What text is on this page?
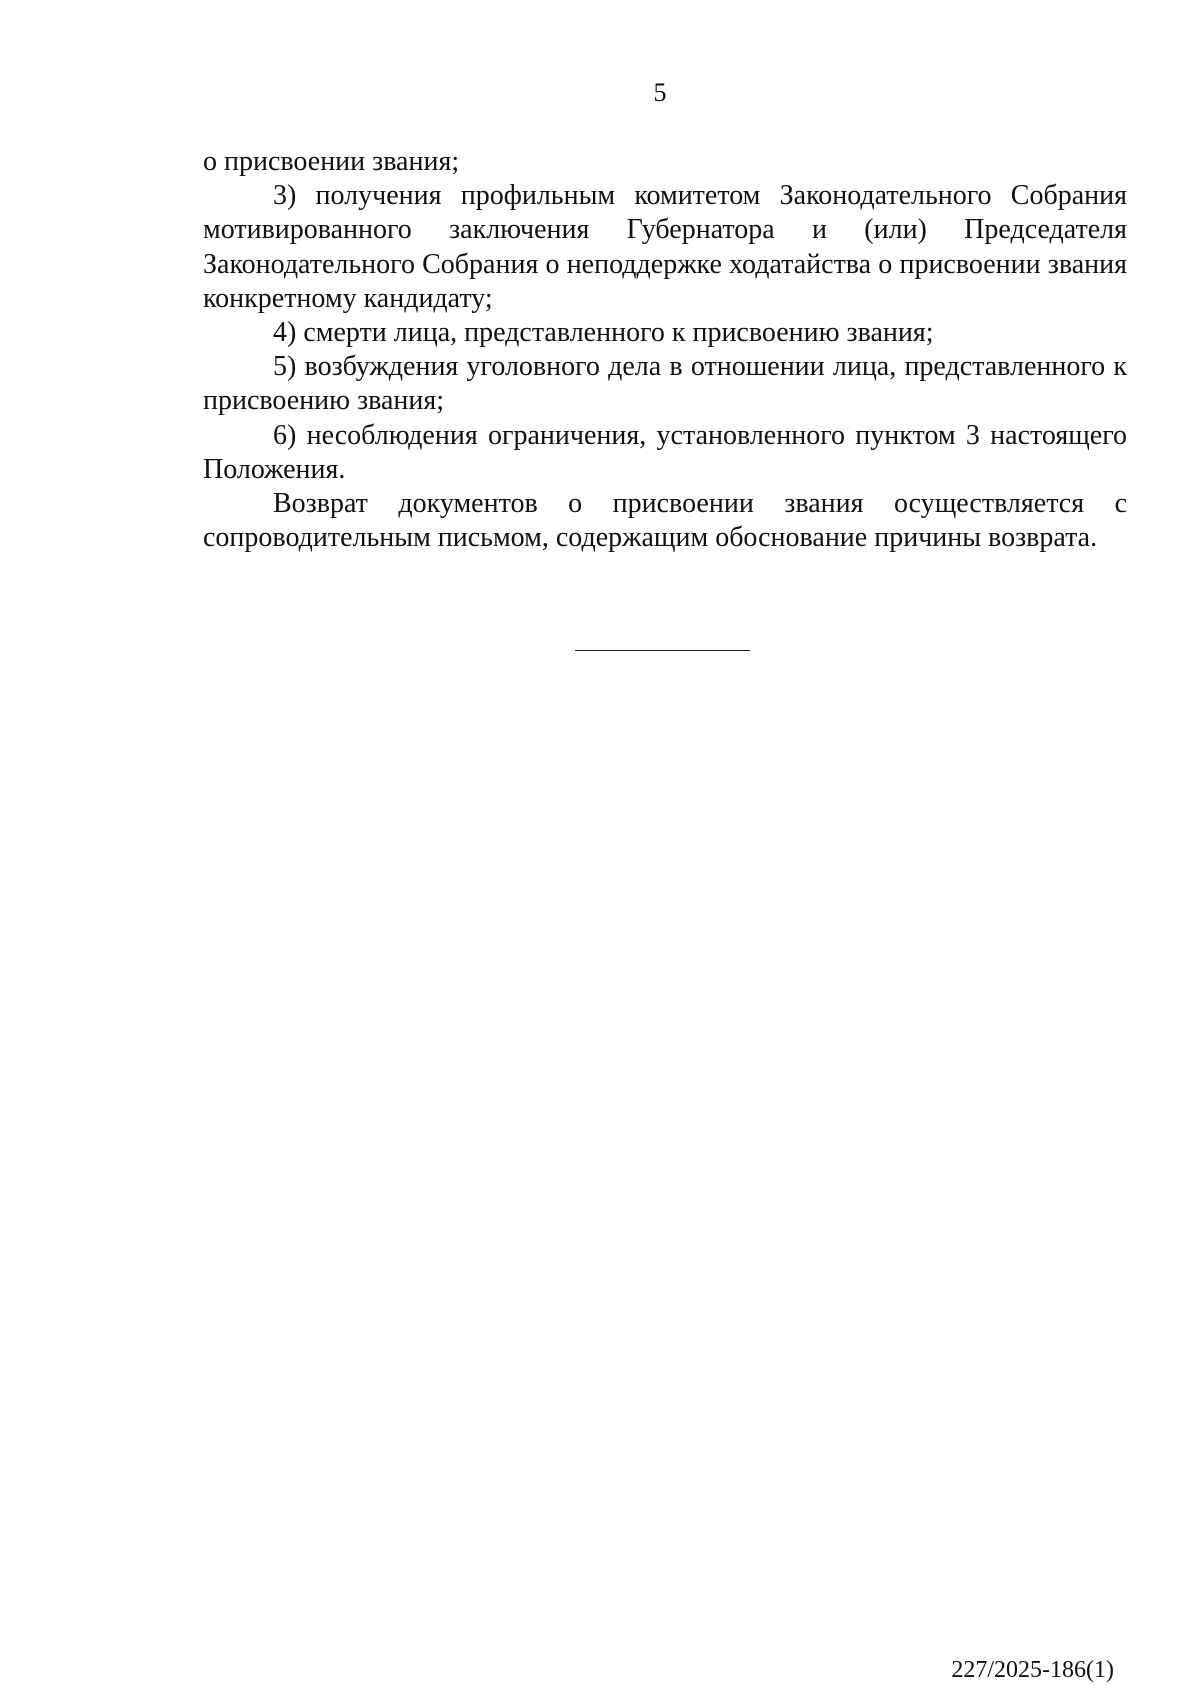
5

о присвоении звания;

3) получения профильным комитетом Законодательного Собрания мотивированного заключения Губернатора и (или) Председателя Законодательного Собрания о неподдержке ходатайства о присвоении звания конкретному кандидату;

4) смерти лица, представленного к присвоению звания;

5) возбуждения уголовного дела в отношении лица, представленного к присвоению звания;

6) несоблюдения ограничения, установленного пунктом 3 настоящего Положения.

Возврат документов о присвоении звания осуществляется с сопроводительным письмом, содержащим обоснование причины возврата.

227/2025-186(1)
